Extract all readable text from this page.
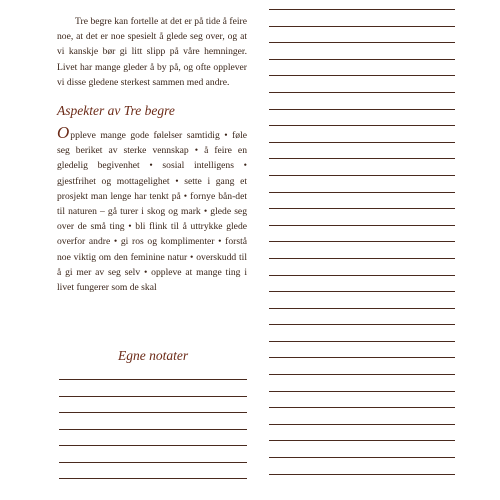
Tre begre kan fortelle at det er på tide å feire noe, at det er noe spesielt å glede seg over, og at vi kanskje bør gi litt slipp på våre hemninger. Livet har mange gleder å by på, og ofte opplever vi disse gledene sterkest sammen med andre.

Aspekter av Tre begre

Oppleve mange gode følelser samtidig • føle seg beriket av sterke vennskap • å feire en gledelig begivenhet • sosial intelligens • gjestfrihet og mottagelighet • sette i gang et prosjekt man lenge har tenkt på • fornye bån-det til naturen – gå turer i skog og mark • glede seg over de små ting • bli flink til å uttrykke glede overfor andre • gi ros og komplimenter • forstå noe viktig om den feminine natur • overskudd til å gi mer av seg selv • oppleve at mange ting i livet fungerer som de skal

Egne notater
